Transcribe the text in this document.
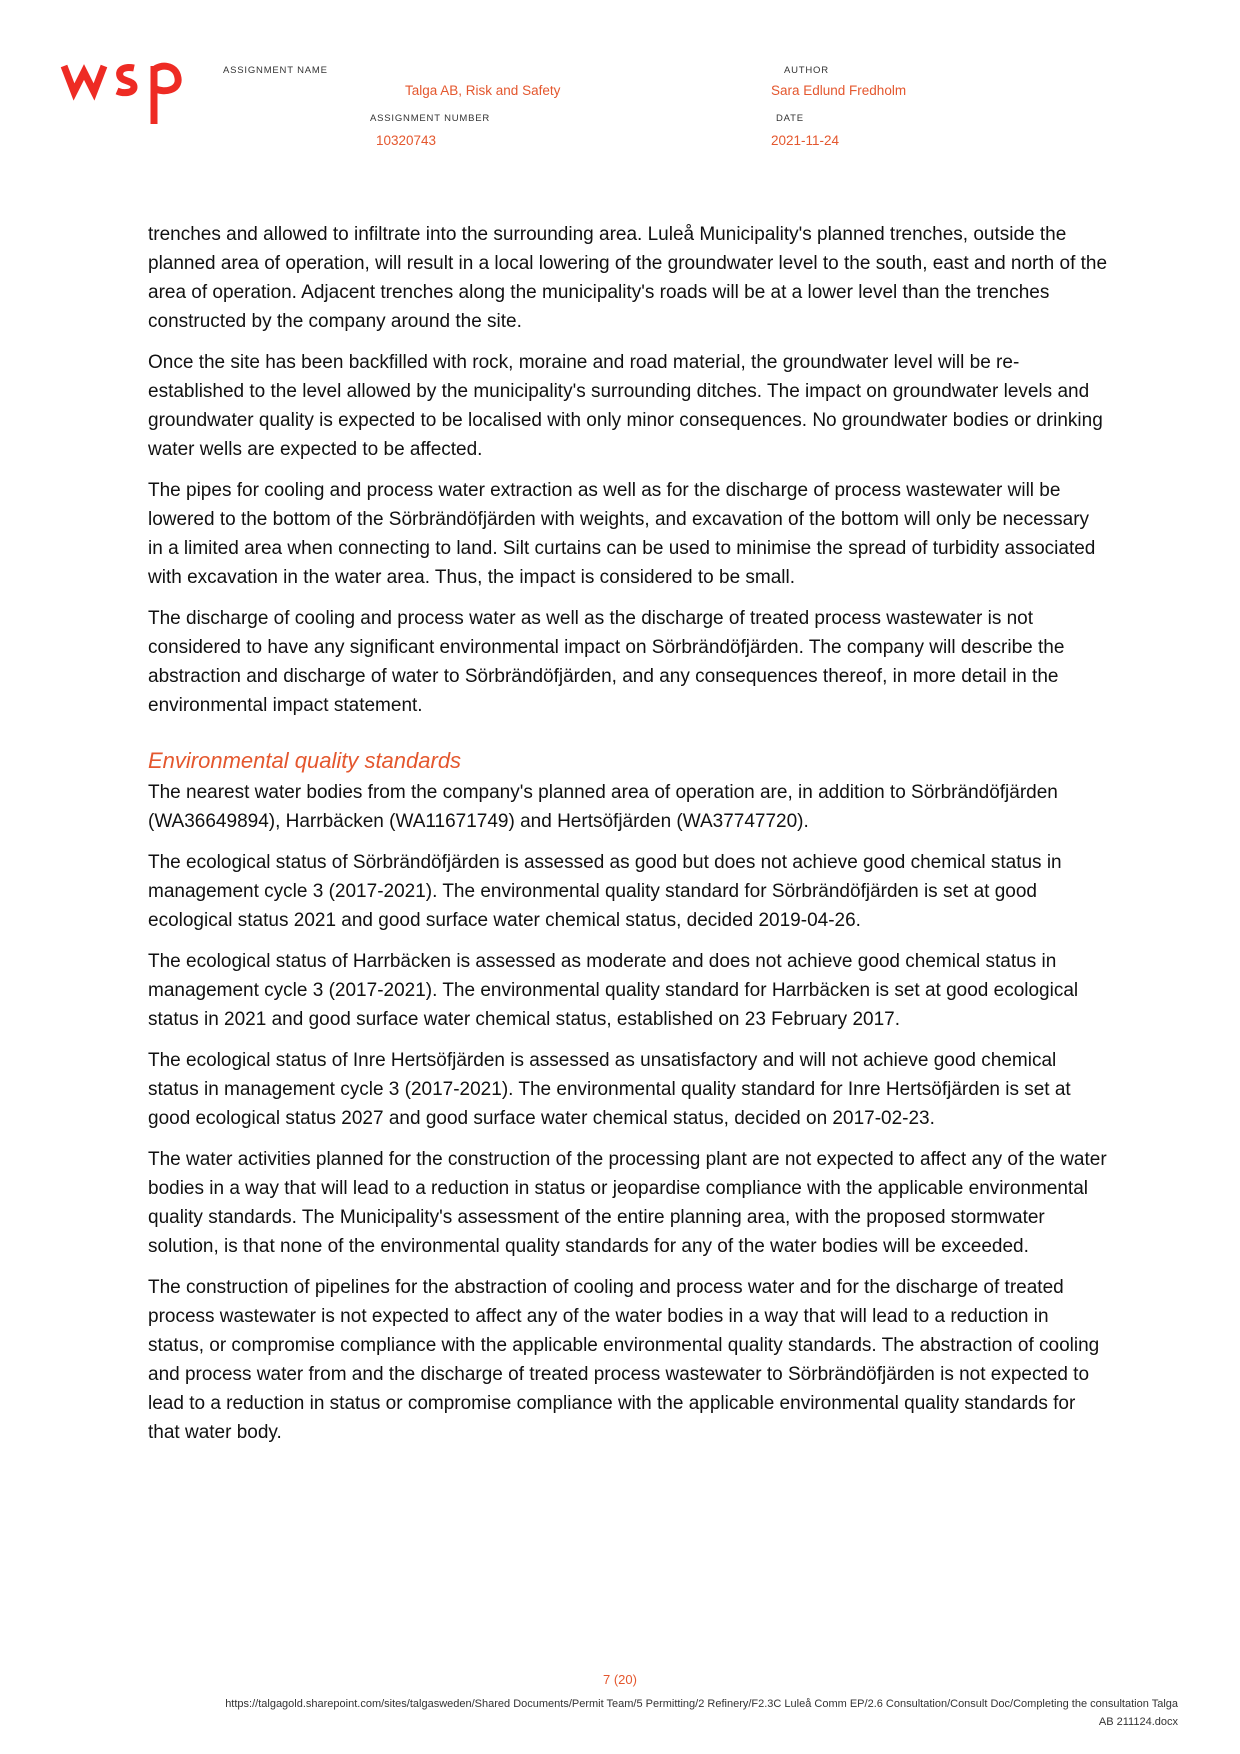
ASSIGNMENT NAME
Talga AB, Risk and Safety
AUTHOR
Sara Edlund Fredholm
ASSIGNMENT NUMBER
10320743
DATE
2021-11-24

trenches and allowed to infiltrate into the surrounding area. Luleå Municipality's planned trenches, outside the planned area of operation, will result in a local lowering of the groundwater level to the south, east and north of the area of operation. Adjacent trenches along the municipality's roads will be at a lower level than the trenches constructed by the company around the site.

Once the site has been backfilled with rock, moraine and road material, the groundwater level will be re-established to the level allowed by the municipality's surrounding ditches. The impact on groundwater levels and groundwater quality is expected to be localised with only minor consequences. No groundwater bodies or drinking water wells are expected to be affected.

The pipes for cooling and process water extraction as well as for the discharge of process wastewater will be lowered to the bottom of the Sörbrändöfjärden with weights, and excavation of the bottom will only be necessary in a limited area when connecting to land. Silt curtains can be used to minimise the spread of turbidity associated with excavation in the water area. Thus, the impact is considered to be small.

The discharge of cooling and process water as well as the discharge of treated process wastewater is not considered to have any significant environmental impact on Sörbrändöfjärden. The company will describe the abstraction and discharge of water to Sörbrändöfjärden, and any consequences thereof, in more detail in the environmental impact statement.

Environmental quality standards

The nearest water bodies from the company's planned area of operation are, in addition to Sörbrändöfjärden (WA36649894), Harrbäcken (WA11671749) and Hertsöfjärden (WA37747720).

The ecological status of Sörbrändöfjärden is assessed as good but does not achieve good chemical status in management cycle 3 (2017-2021). The environmental quality standard for Sörbrändöfjärden is set at good ecological status 2021 and good surface water chemical status, decided 2019-04-26.

The ecological status of Harrbäcken is assessed as moderate and does not achieve good chemical status in management cycle 3 (2017-2021). The environmental quality standard for Harrbäcken is set at good ecological status in 2021 and good surface water chemical status, established on 23 February 2017.

The ecological status of Inre Hertsöfjärden is assessed as unsatisfactory and will not achieve good chemical status in management cycle 3 (2017-2021). The environmental quality standard for Inre Hertsöfjärden is set at good ecological status 2027 and good surface water chemical status, decided on 2017-02-23.

The water activities planned for the construction of the processing plant are not expected to affect any of the water bodies in a way that will lead to a reduction in status or jeopardise compliance with the applicable environmental quality standards. The Municipality's assessment of the entire planning area, with the proposed stormwater solution, is that none of the environmental quality standards for any of the water bodies will be exceeded.

The construction of pipelines for the abstraction of cooling and process water and for the discharge of treated process wastewater is not expected to affect any of the water bodies in a way that will lead to a reduction in status, or compromise compliance with the applicable environmental quality standards. The abstraction of cooling and process water from and the discharge of treated process wastewater to Sörbrändöfjärden is not expected to lead to a reduction in status or compromise compliance with the applicable environmental quality standards for that water body.

7 (20)
https://talgagold.sharepoint.com/sites/talgasweden/Shared Documents/Permit Team/5 Permitting/2 Refinery/F2.3C Luleå Comm EP/2.6 Consultation/Consult Doc/Completing the consultation Talga
AB 211124.docx
